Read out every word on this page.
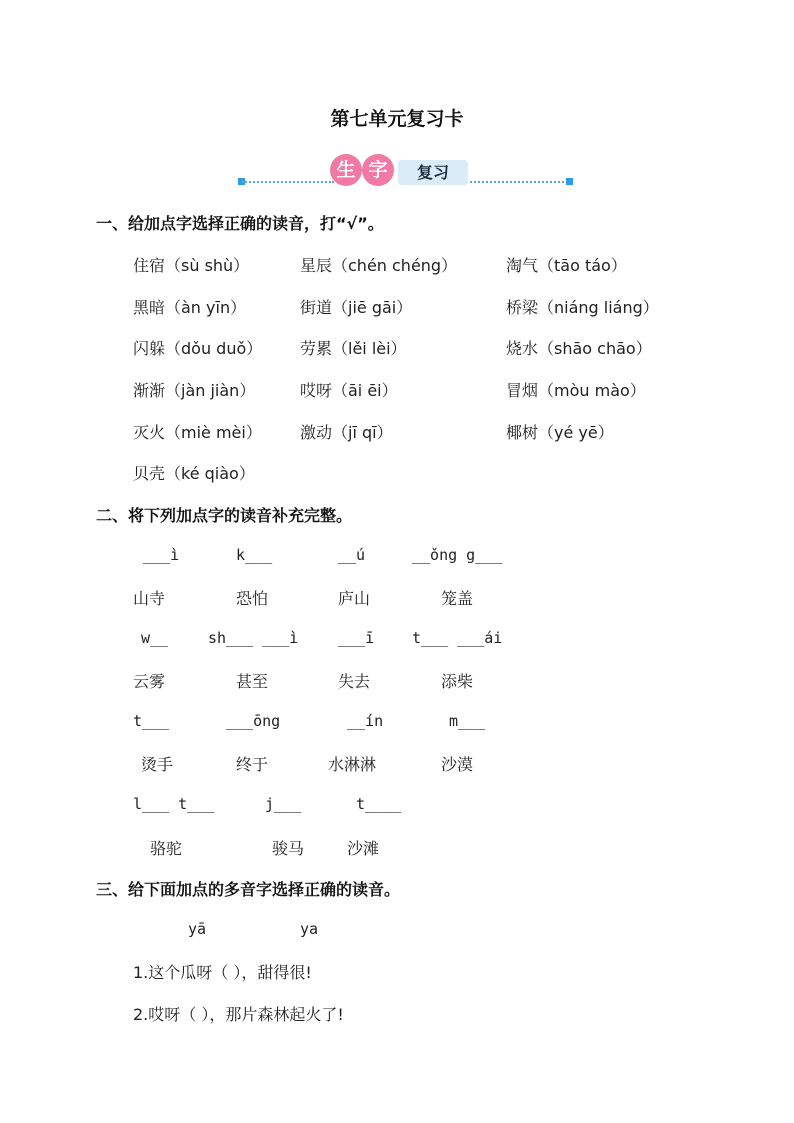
第七单元复习卡
生 字	复习
一、给加点字选择正确的读音，打“√”。
住宿（sù shù）	星辰（chén chéng）	淘气（tāo táo）
黑暗（àn yīn）	街道（jiē gāi）	桥梁（niáng liáng）
闪躲（dǒu duǒ） 劳累（lěi lèi）	烧水（shāo chāo）
渐渐（jàn jiàn）	哎呀（āi ēi）	冒烟（mòu mào）
灭火（miè mèi） 激动（jī qī）	椰树（yé yē）
贝壳（ké qiào）
二、将下列加点字的读音补充完整。
___ì	k___	__ú	__ǒng g___
山寺	恐怕	庐山	笼盖
w__	sh___ ___ì	___ī	t___ ___ái
云雾	甚至	失去	添柴
t___	___ōng	__ín	m___
烫手	终于	水淋淋	沙漠
l___ t___	j___	t____
骆驼	骏马	沙滩
三、给下面加点的多音字选择正确的读音。
yā	ya
1.这个瓜呀（ ），甜得很!
2.哎呀（ ），那片森林起火了!
